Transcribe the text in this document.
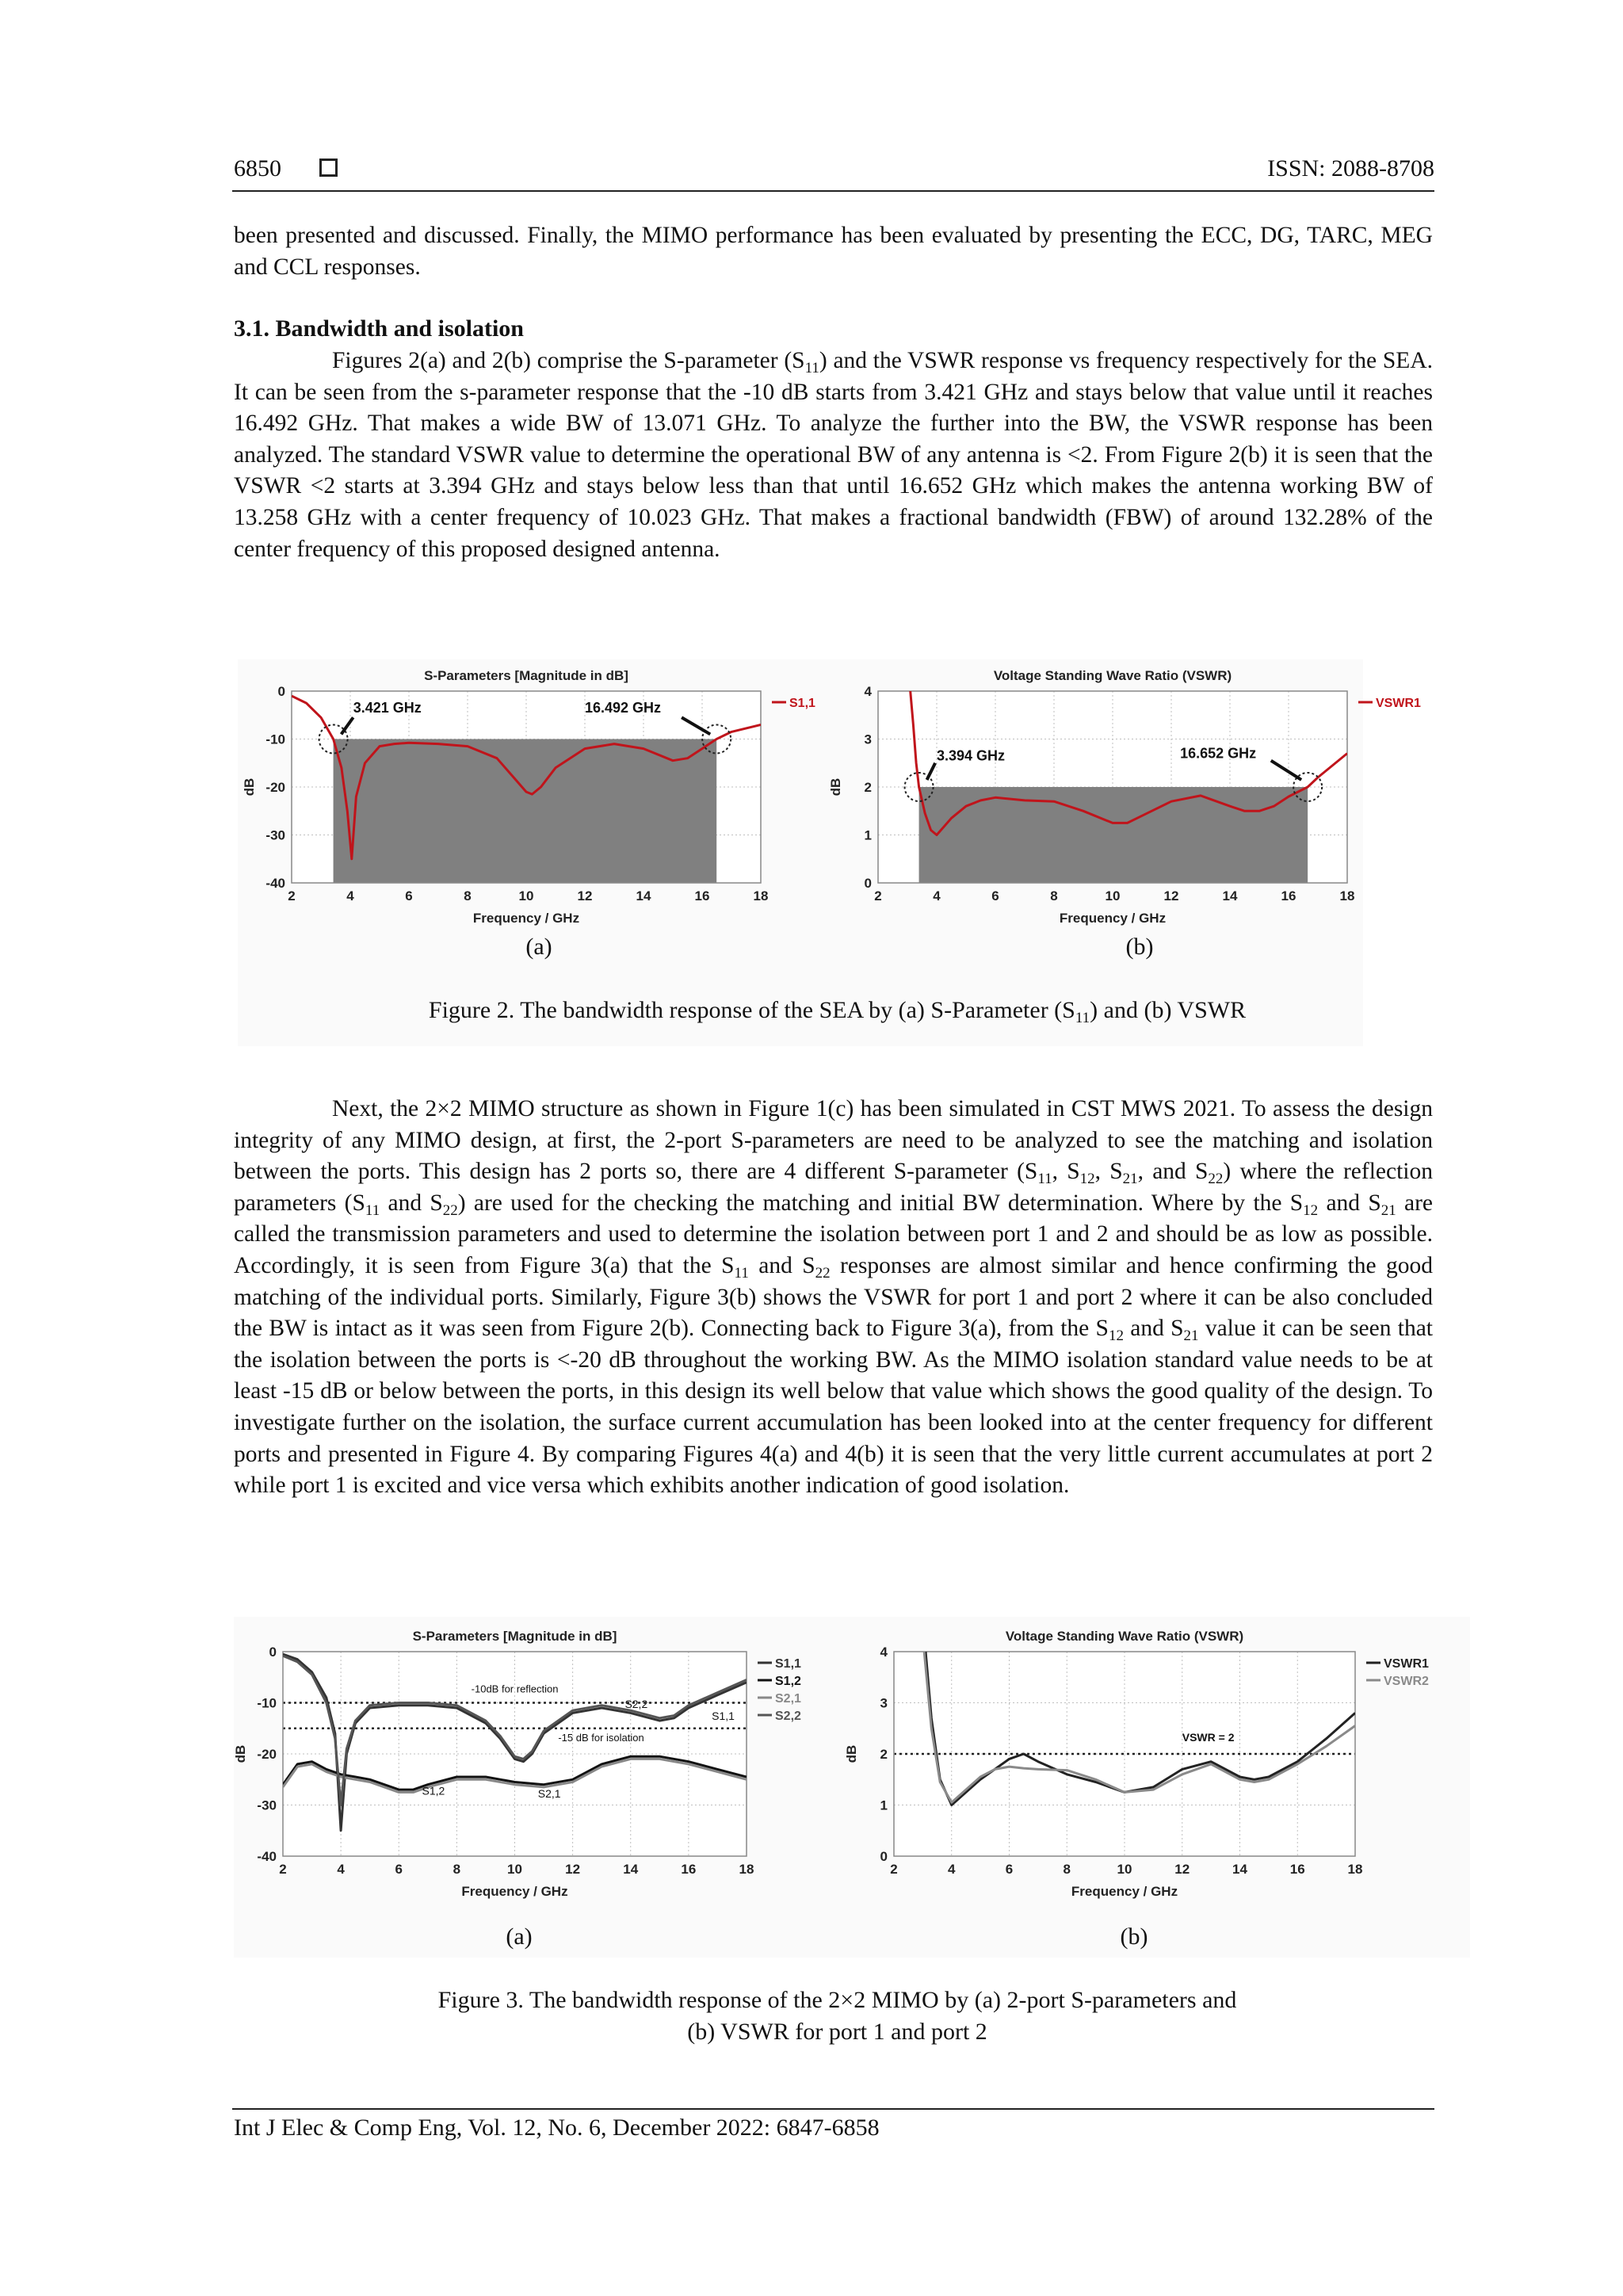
6850	ISSN: 2088-8708

been presented and discussed. Finally, the MIMO performance has been evaluated by presenting the ECC, DG, TARC, MEG and CCL responses.

3.1. Bandwidth and isolation

Figures 2(a) and 2(b) comprise the S-parameter $(S_{11})$ and the VSWR response vs frequency respectively for the SEA. It can be seen from the s-parameter response that the -10 dB starts from 3.421 GHz and stays below that value until it reaches 16.492 GHz. That makes a wide BW of 13.071 GHz. To analyze the further into the BW, the VSWR response has been analyzed. The standard VSWR value to determine the operational BW of any antenna is <2. From Figure 2(b) it is seen that the VSWR <2 starts at 3.394 GHz and stays below less than that until 16.652 GHz which makes the antenna working BW of 13.258 GHz with a center frequency of 10.023 GHz. That makes a fractional bandwidth (FBW) of around 132.28% of the center frequency of this proposed designed antenna.

2	4	6	8	10	12	14	16	18
0
-10
-20
-30
-40
S-Parameters [Magnitude in dB]
Frequency / GHz
dB
S1,1
3.421 GHz	16.492 GHz
2	4	6	8	10	12	14	16	18
0
1
2
3
4
Voltage Standing Wave Ratio (VSWR)
Frequency / GHz
dB
VSWR1
3.394 GHz	16.652 GHz
(a)	(b)
Figure 2. The bandwidth response of the SEA by (a) S-Parameter $(S_{11})$ and (b) VSWR

Next, the 2×2 MIMO structure as shown in Figure 1(c) has been simulated in CST MWS 2021. To assess the design integrity of any MIMO design, at first, the 2-port S-parameters are need to be analyzed to see the matching and isolation between the ports. This design has 2 ports so, there are 4 different S-parameter ($S_{11}$, $S_{12}$, $S_{21}$, and $S_{22}$) where the reflection parameters ($S_{11}$ and $S_{22}$) are used for the checking the matching and initial BW determination. Where by the $S_{12}$ and $S_{21}$ are called the transmission parameters and used to determine the isolation between port 1 and 2 and should be as low as possible. Accordingly, it is seen from Figure 3(a) that the $S_{11}$ and $S_{22}$ responses are almost similar and hence confirming the good matching of the individual ports. Similarly, Figure 3(b) shows the VSWR for port 1 and port 2 where it can be also concluded the BW is intact as it was seen from Figure 2(b). Connecting back to Figure 3(a), from the $S_{12}$ and $S_{21}$ value it can be seen that the isolation between the ports is <-20 dB throughout the working BW. As the MIMO isolation standard value needs to be at least -15 dB or below between the ports, in this design its well below that value which shows the good quality of the design. To investigate further on the isolation, the surface current accumulation has been looked into at the center frequency for different ports and presented in Figure 4. By comparing Figures 4(a) and 4(b) it is seen that the very little current accumulates at port 2 while port 1 is excited and vice versa which exhibits another indication of good isolation.

2	4	6	8	10	12	14	16	18
0
-10
-20
-30
-40
S-Parameters [Magnitude in dB]
Frequency / GHz
dB
S1,1
S1,2
S2,1
S2,2
-10dB for reflection
-15 dB for isolation
S2,2
S1,1
S1,2	S2,1
2	4	6	8	10	12	14	16	18
0
1
2
3
4
Voltage Standing Wave Ratio (VSWR)
Frequency / GHz
dB
VSWR1
VSWR2
VSWR = 2
(a)	(b)
Figure 3. The bandwidth response of the 2×2 MIMO by (a) 2-port S-parameters and
(b) VSWR for port 1 and port 2
Int J Elec & Comp Eng, Vol. 12, No. 6, December 2022: 6847-6858
